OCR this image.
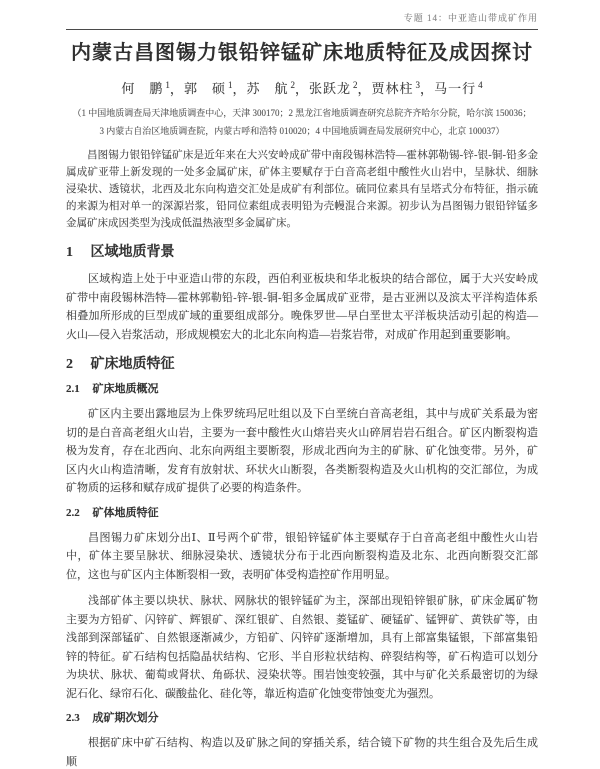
专题 14：中亚造山带成矿作用
内蒙古昌图锡力银铅锌锰矿床地质特征及成因探讨
何　鹏 $^1$，郭　硕 $^1$，苏　航 $^2$，张跃龙 $^2$，贾林柱 $^3$，马一行 $^4$
（1 中国地质调查局天津地质调查中心，天津 300170；2 黑龙江省地质调查研究总院齐齐哈尔分院，哈尔滨 150036；
3 内蒙古自治区地质调查院，内蒙古呼和浩特 010020；4 中国地质调查局发展研究中心，北京 100037）

昌图锡力银铅锌锰矿床是近年来在大兴安岭成矿带中南段锡林浩特—霍林郭勒锡-锌-银-铜-铅多金属成矿亚带上新发现的一处多金属矿床，矿体主要赋存于白音高老组中酸性火山岩中，呈脉状、细脉浸染状、透镜状，北西及北东向构造交汇处是成矿有利部位。硫同位素具有呈塔式分布特征，指示硫的来源为相对单一的深源岩浆，铅同位素组成表明铅为壳幔混合来源。初步认为昌图锡力银铅锌锰多金属矿床成因类型为浅成低温热液型多金属矿床。

1 区域地质背景

区域构造上处于中亚造山带的东段，西伯利亚板块和华北板块的结合部位，属于大兴安岭成矿带中南段锡林浩特—霍林郭勒铅-锌-银-铜-钼多金属成矿亚带，是古亚洲以及滨太平洋构造体系相叠加所形成的巨型成矿域的重要组成部分。晚侏罗世—早白垩世太平洋板块活动引起的构造—火山—侵入岩浆活动，形成规模宏大的北北东向构造—岩浆岩带，对成矿作用起到重要影响。

2 矿床地质特征
2.1 矿床地质概况

矿区内主要出露地层为上侏罗统玛尼吐组以及下白垩统白音高老组，其中与成矿关系最为密切的是白音高老组火山岩，主要为一套中酸性火山熔岩夹火山碎屑岩岩石组合。矿区内断裂构造极为发育，存在北西向、北东向两组主要断裂，形成北西向为主的矿脉、矿化蚀变带。另外，矿区内火山构造清晰，发育有放射状、环状火山断裂，各类断裂构造及火山机构的交汇部位，为成矿物质的运移和赋存成矿提供了必要的构造条件。

2.2 矿体地质特征

昌图锡力矿床划分出Ⅰ、Ⅱ号两个矿带，银铅锌锰矿体主要赋存于白音高老组中酸性火山岩中，矿体主要呈脉状、细脉浸染状、透镜状分布于北西向断裂构造及北东、北西向断裂交汇部位，这也与矿区内主体断裂相一致，表明矿体受构造控矿作用明显。

浅部矿体主要以块状、脉状、网脉状的银锌锰矿为主，深部出现铅锌银矿脉，矿床金属矿物主要为方铅矿、闪锌矿、辉银矿、深红银矿、自然银、菱锰矿、硬锰矿、锰钾矿、黄铁矿等，由浅部到深部锰矿、自然银逐渐减少，方铅矿、闪锌矿逐渐增加，具有上部富集锰银，下部富集铅锌的特征。矿石结构包括隐晶状结构、它形、半自形粒状结构、碎裂结构等，矿石构造可以划分为块状、脉状、葡萄或肾状、角砾状、浸染状等。围岩蚀变较强，其中与矿化关系最密切的为绿泥石化、绿帘石化、碳酸盐化、硅化等，靠近构造矿化蚀变带蚀变尤为强烈。

2.3 成矿期次划分

根据矿床中矿石结构、构造以及矿脉之间的穿插关系，结合镜下矿物的共生组合及先后生成顺
